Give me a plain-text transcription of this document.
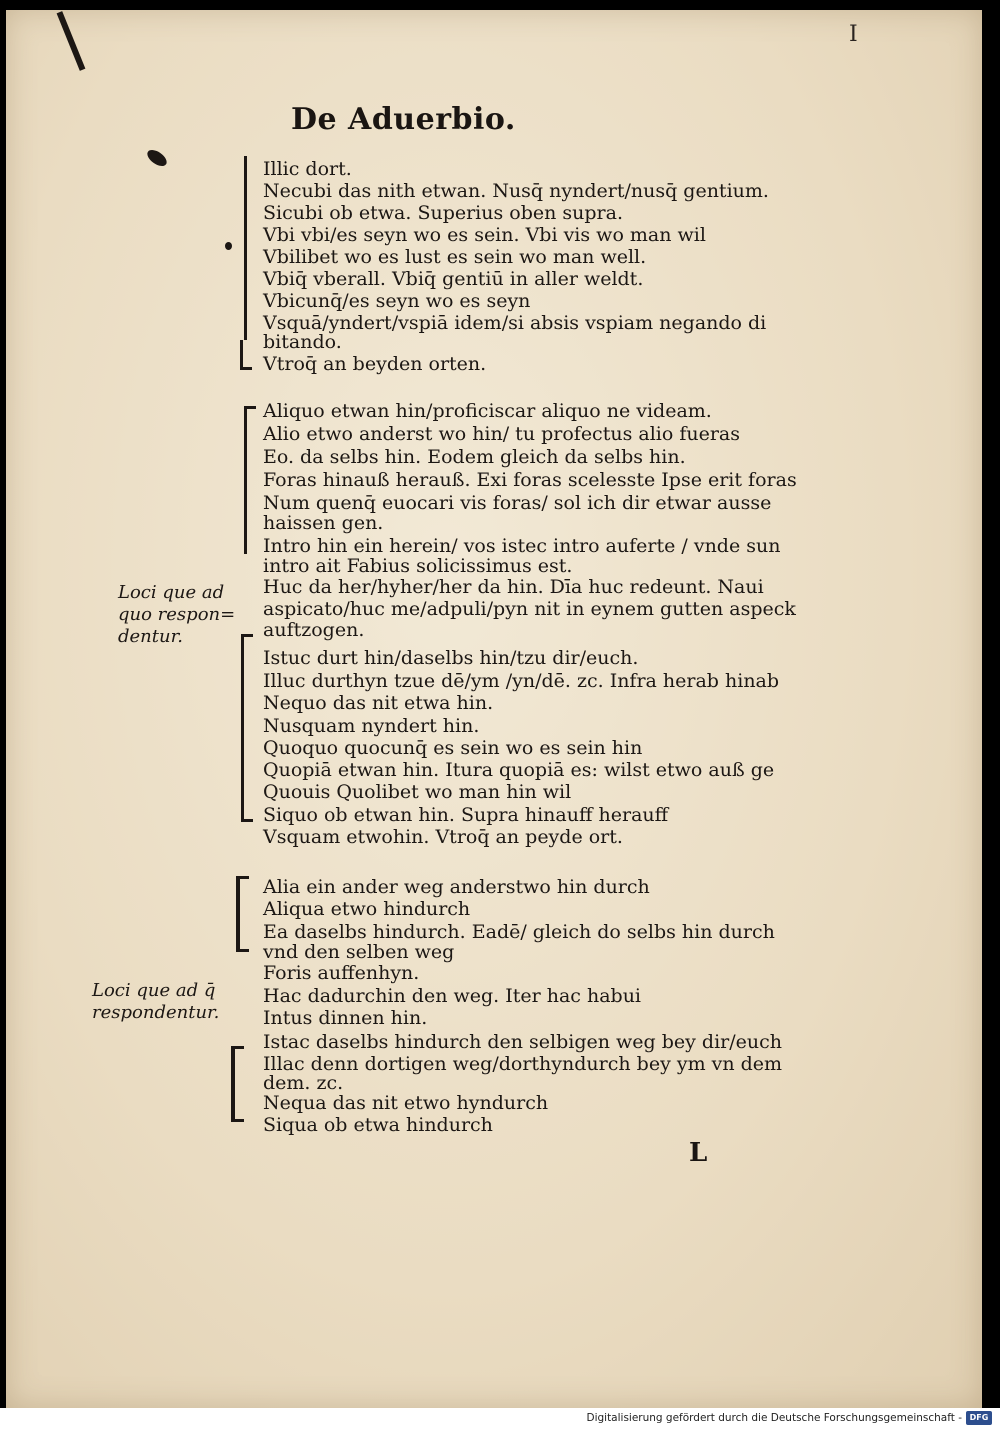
I
De Aduerbio.
Illic dort.
Necubi das nith etwan. Nusq̄ nyndert/nusq̄ gentium.
Sicubi ob etwa. Superius oben supra.
Vbi vbi/es seyn wo es sein. Vbi vis wo man wil
Vbilibet wo es lust es sein wo man well.
Vbiq̄ vberall. Vbiq̄ gentiū in aller weldt.
Vbicunq̄/es seyn wo es seyn
Vsquā/yndert/vspiā idem/si absis vspiam negando di
bitando.
Vtroq̄ an beyden orten.
Aliquo etwan hin/proficiscar aliquo ne videam.
Alio etwo anderst wo hin/ tu profectus alio fueras
Eo. da selbs hin. Eodem gleich da selbs hin.
Foras hinauß herauß. Exi foras scelesste Ipse erit foras
Num quenq̄ euocari vis foras/ sol ich dir etwar ausse
haissen gen.
Intro hin ein herein/ vos istec intro auferte / vnde sun
intro ait Fabius solicissimus est.
Huc da her/hyher/her da hin. Dīa huc redeunt. Naui
aspicato/huc me/adpuli/pyn nit in eynem gutten aspeck
auftzogen.
Istuc durt hin/daselbs hin/tzu dir/euch.
Illuc durthyn tzue dē/ym /yn/dē. zc. Infra herab hinab
Nequo das nit etwa hin.
Nusquam nyndert hin.
Quoquo quocunq̄ es sein wo es sein hin
Quopiā etwan hin. Itura quopiā es: wilst etwo auß ge
Quouis Quolibet wo man hin wil
Siquo ob etwan hin. Supra hinauff herauff
Vsquam etwohin. Vtroq̄ an peyde ort.
Loci que ad
quo respon=
dentur.
Alia ein ander weg anderstwo hin durch
Aliqua etwo hindurch
Ea daselbs hindurch. Eadē/ gleich do selbs hin durch
vnd den selben weg
Foris auffenhyn.
Hac dadurchin den weg. Iter hac habui
Intus dinnen hin.
Istac daselbs hindurch den selbigen weg bey dir/euch
Illac denn dortigen weg/dorthyndurch bey ym vn dem
dem. zc.
Nequa das nit etwo hyndurch
Siqua ob etwa hindurch
Loci que ad q̄
respondentur.
L
Digitalisierung gefördert durch die Deutsche Forschungsgemeinschaft - DFG
